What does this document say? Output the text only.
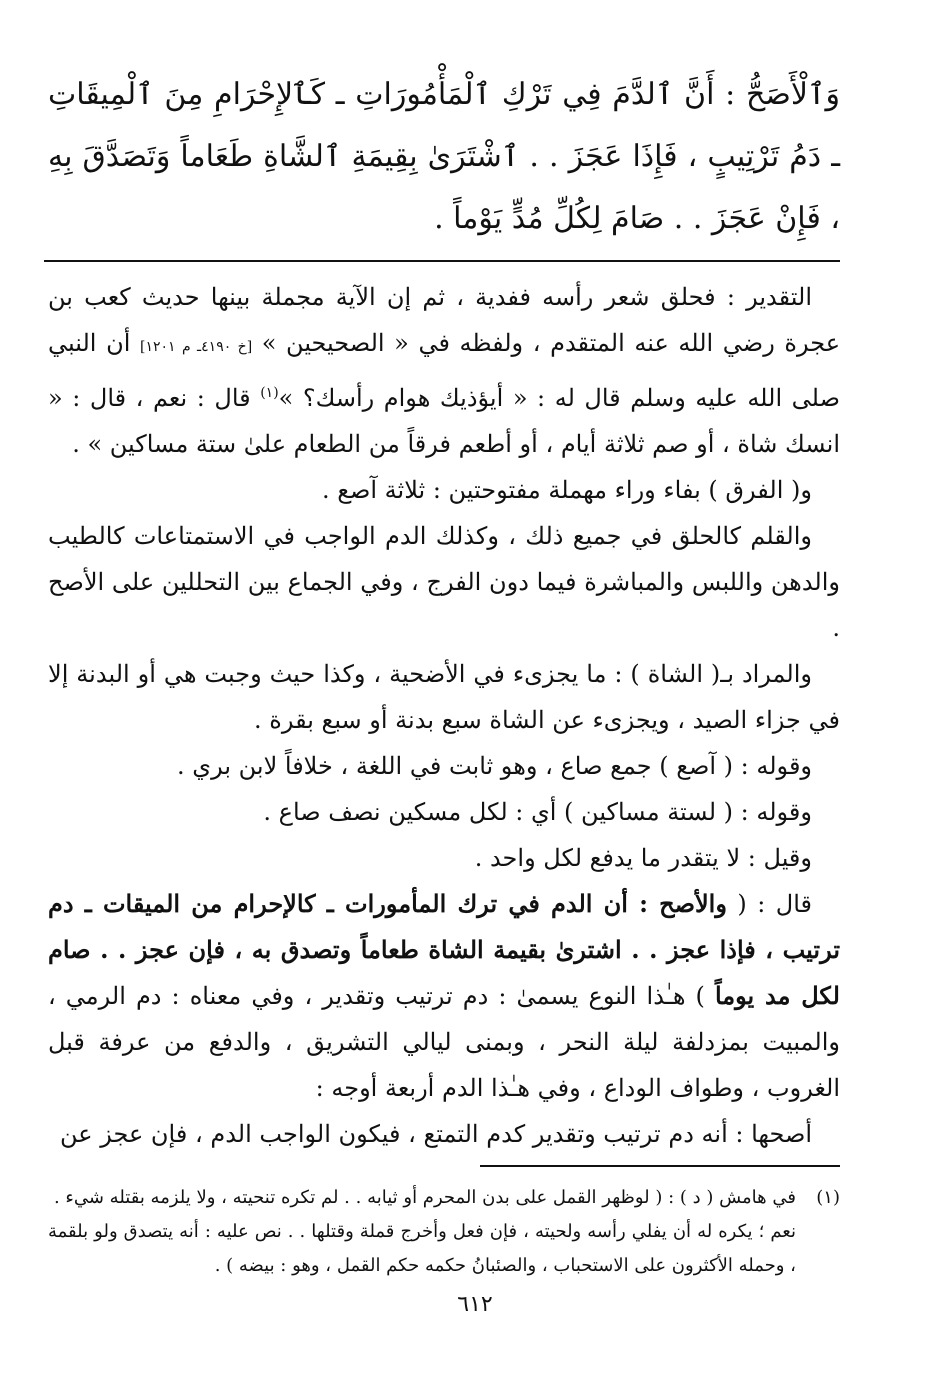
وَٱلْأَصَحُّ : أَنَّ ٱلدَّمَ فِي تَرْكِ ٱلْمَأْمُورَاتِ ـ كَٱلإِحْرَامِ مِنَ ٱلْمِيقَاتِ ـ دَمُ تَرْتِيبٍ ، فَإِذَا عَجَزَ . . ٱشْتَرَىٰ بِقِيمَةِ ٱلشَّاةِ طَعَاماً وَتَصَدَّقَ بِهِ ، فَإِنْ عَجَزَ . . صَامَ لِكُلِّ مُدٍّ يَوْماً .

التقدير : فحلق شعر رأسه ففدية ، ثم إن الآية مجملة بينها حديث كعب بن عجرة رضي الله عنه المتقدم ، ولفظه في « الصحيحين » [خ ٤١٩٠ـ م ١٢٠١] أن النبي صلى الله عليه وسلم قال له : « أيؤذيك هوام رأسك؟ »$^{(١)}$ قال : نعم ، قال : « انسك شاة ، أو صم ثلاثة أيام ، أو أطعم فرقاً من الطعام علىٰ ستة مساكين » .

و( الفرق ) بفاء وراء مهملة مفتوحتين : ثلاثة آصع .

والقلم كالحلق في جميع ذلك ، وكذلك الدم الواجب في الاستمتاعات كالطيب والدهن واللبس والمباشرة فيما دون الفرج ، وفي الجماع بين التحللين على الأصح .

والمراد بـ( الشاة ) : ما يجزىء في الأضحية ، وكذا حيث وجبت هي أو البدنة إلا في جزاء الصيد ، ويجزىء عن الشاة سبع بدنة أو سبع بقرة .

وقوله : ( آصع ) جمع صاع ، وهو ثابت في اللغة ، خلافاً لابن بري .

وقوله : ( لستة مساكين ) أي : لكل مسكين نصف صاع .

وقيل : لا يتقدر ما يدفع لكل واحد .

قال : ( والأصح : أن الدم في ترك المأمورات ـ كالإحرام من الميقات ـ دم ترتيب ، فإذا عجز . . اشترىٰ بقيمة الشاة طعاماً وتصدق به ، فإن عجز . . صام لكل مد يوماً ) هـٰذا النوع يسمىٰ : دم ترتيب وتقدير ، وفي معناه : دم الرمي ، والمبيت بمزدلفة ليلة النحر ، وبمنى ليالي التشريق ، والدفع من عرفة قبل الغروب ، وطواف الوداع ، وفي هـٰذا الدم أربعة أوجه :

أصحها : أنه دم ترتيب وتقدير كدم التمتع ، فيكون الواجب الدم ، فإن عجز عن

(١)في هامش ( د ) : ( لوظهر القمل على بدن المحرم أو ثيابه . . لم تكره تنحيته ، ولا يلزمه بقتله شيء .

نعم ؛ يكره له أن يفلي رأسه ولحيته ، فإن فعل وأخرج قملة وقتلها . . نص عليه : أنه يتصدق ولو بلقمة ، وحمله الأكثرون على الاستحباب ، والصئبانُ حكمه حكم القمل ، وهو : بيضه ) .

٦١٢
